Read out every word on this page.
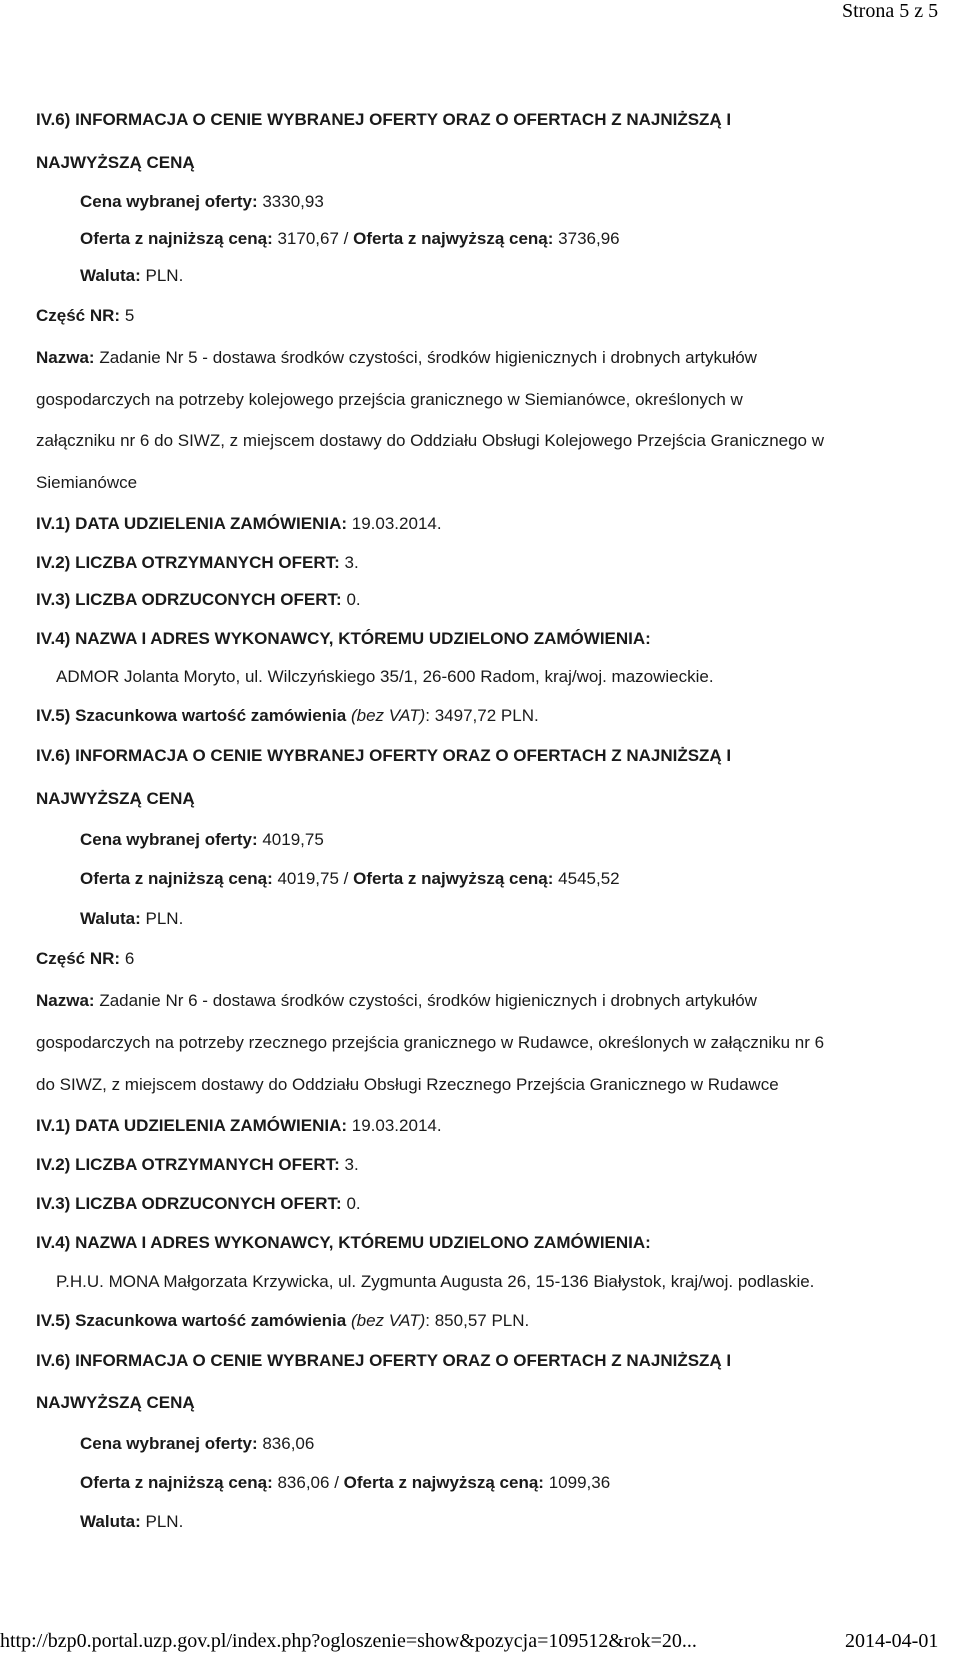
Strona 5 z 5
IV.6) INFORMACJA O CENIE WYBRANEJ OFERTY ORAZ O OFERTACH Z NAJNIŻSZĄ I
NAJWYŻSZĄ CENĄ
Cena wybranej oferty: 3330,93
Oferta z najniższą ceną: 3170,67 / Oferta z najwyższą ceną: 3736,96
Waluta: PLN.
Część NR: 5
Nazwa: Zadanie Nr 5 - dostawa środków czystości, środków higienicznych i drobnych artykułów
gospodarczych na potrzeby kolejowego przejścia granicznego w Siemianówce, określonych w
załączniku nr 6 do SIWZ, z miejscem dostawy do Oddziału Obsługi Kolejowego Przejścia Granicznego w
Siemianówce
IV.1) DATA UDZIELENIA ZAMÓWIENIA: 19.03.2014.
IV.2) LICZBA OTRZYMANYCH OFERT: 3.
IV.3) LICZBA ODRZUCONYCH OFERT: 0.
IV.4) NAZWA I ADRES WYKONAWCY, KTÓREMU UDZIELONO ZAMÓWIENIA:
ADMOR Jolanta Moryto, ul. Wilczyńskiego 35/1, 26-600 Radom, kraj/woj. mazowieckie.
IV.5) Szacunkowa wartość zamówienia (bez VAT): 3497,72 PLN.
IV.6) INFORMACJA O CENIE WYBRANEJ OFERTY ORAZ O OFERTACH Z NAJNIŻSZĄ I
NAJWYŻSZĄ CENĄ
Cena wybranej oferty: 4019,75
Oferta z najniższą ceną: 4019,75 / Oferta z najwyższą ceną: 4545,52
Waluta: PLN.
Część NR: 6
Nazwa: Zadanie Nr 6 - dostawa środków czystości, środków higienicznych i drobnych artykułów
gospodarczych na potrzeby rzecznego przejścia granicznego w Rudawce, określonych w załączniku nr 6
do SIWZ, z miejscem dostawy do Oddziału Obsługi Rzecznego Przejścia Granicznego w Rudawce
IV.1) DATA UDZIELENIA ZAMÓWIENIA: 19.03.2014.
IV.2) LICZBA OTRZYMANYCH OFERT: 3.
IV.3) LICZBA ODRZUCONYCH OFERT: 0.
IV.4) NAZWA I ADRES WYKONAWCY, KTÓREMU UDZIELONO ZAMÓWIENIA:
P.H.U. MONA Małgorzata Krzywicka, ul. Zygmunta Augusta 26, 15-136 Białystok, kraj/woj. podlaskie.
IV.5) Szacunkowa wartość zamówienia (bez VAT): 850,57 PLN.
IV.6) INFORMACJA O CENIE WYBRANEJ OFERTY ORAZ O OFERTACH Z NAJNIŻSZĄ I
NAJWYŻSZĄ CENĄ
Cena wybranej oferty: 836,06
Oferta z najniższą ceną: 836,06 / Oferta z najwyższą ceną: 1099,36
Waluta: PLN.
http://bzp0.portal.uzp.gov.pl/index.php?ogloszenie=show&pozycja=109512&rok=20...	2014-04-01
